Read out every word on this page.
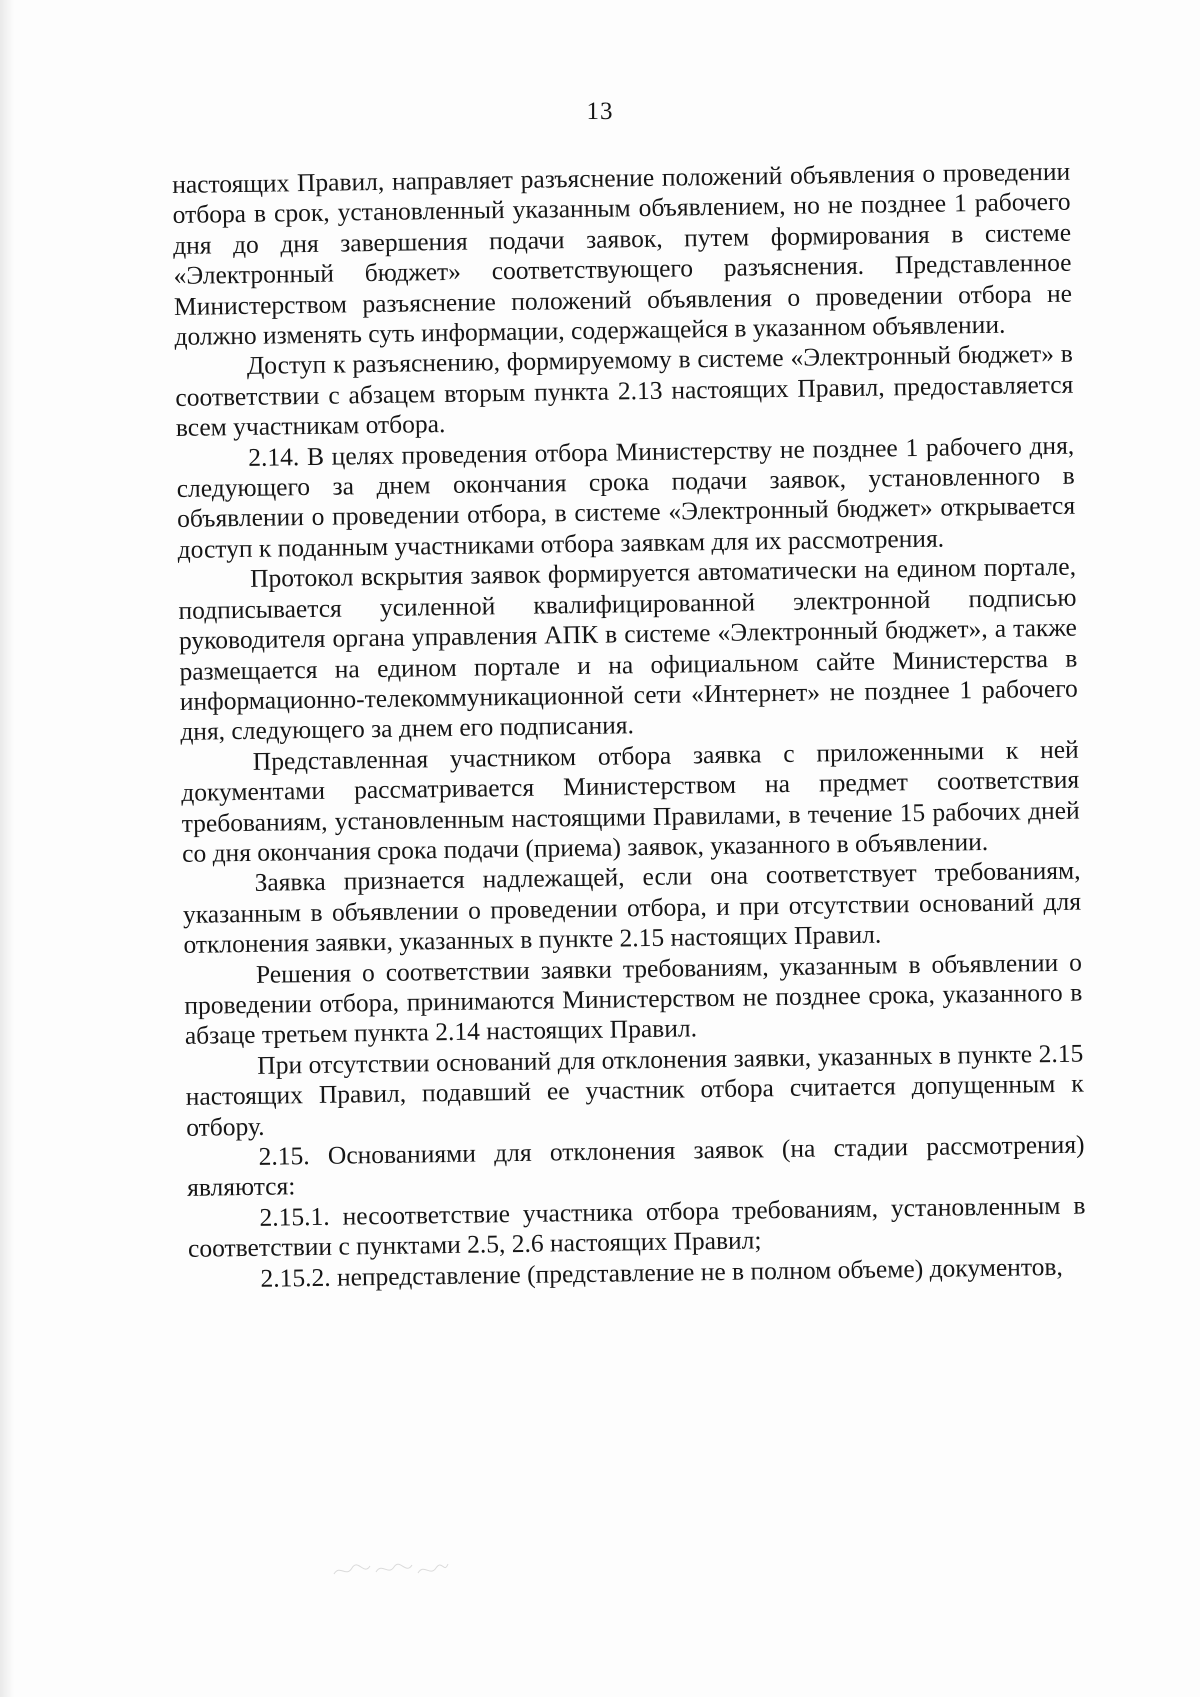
13

настоящих Правил, направляет разъяснение положений объявления о проведении отбора в срок, установленный указанным объявлением, но не позднее 1 рабочего дня до дня завершения подачи заявок, путем формирования в системе «Электронный бюджет» соответствующего разъяснения. Представленное Министерством разъяснение положений объявления о проведении отбора не должно изменять суть информации, содержащейся в указанном объявлении.

Доступ к разъяснению, формируемому в системе «Электронный бюджет» в соответствии с абзацем вторым пункта 2.13 настоящих Правил, предоставляется всем участникам отбора.

2.14. В целях проведения отбора Министерству не позднее 1 рабочего дня, следующего за днем окончания срока подачи заявок, установленного в объявлении о проведении отбора, в системе «Электронный бюджет» открывается доступ к поданным участниками отбора заявкам для их рассмотрения.

Протокол вскрытия заявок формируется автоматически на едином портале, подписывается усиленной квалифицированной электронной подписью руководителя органа управления АПК в системе «Электронный бюджет», а также размещается на едином портале и на официальном сайте Министерства в информационно-телекоммуникационной сети «Интернет» не позднее 1 рабочего дня, следующего за днем его подписания.

Представленная участником отбора заявка с приложенными к ней документами рассматривается Министерством на предмет соответствия требованиям, установленным настоящими Правилами, в течение 15 рабочих дней со дня окончания срока подачи (приема) заявок, указанного в объявлении.

Заявка признается надлежащей, если она соответствует требованиям, указанным в объявлении о проведении отбора, и при отсутствии оснований для отклонения заявки, указанных в пункте 2.15 настоящих Правил.

Решения о соответствии заявки требованиям, указанным в объявлении о проведении отбора, принимаются Министерством не позднее срока, указанного в абзаце третьем пункта 2.14 настоящих Правил.

При отсутствии оснований для отклонения заявки, указанных в пункте 2.15 настоящих Правил, подавший ее участник отбора считается допущенным к отбору.

2.15. Основаниями для отклонения заявок (на стадии рассмотрения) являются:

2.15.1. несоответствие участника отбора требованиям, установленным в соответствии с пунктами 2.5, 2.6 настоящих Правил;

2.15.2. непредставление (представление не в полном объеме) документов,
